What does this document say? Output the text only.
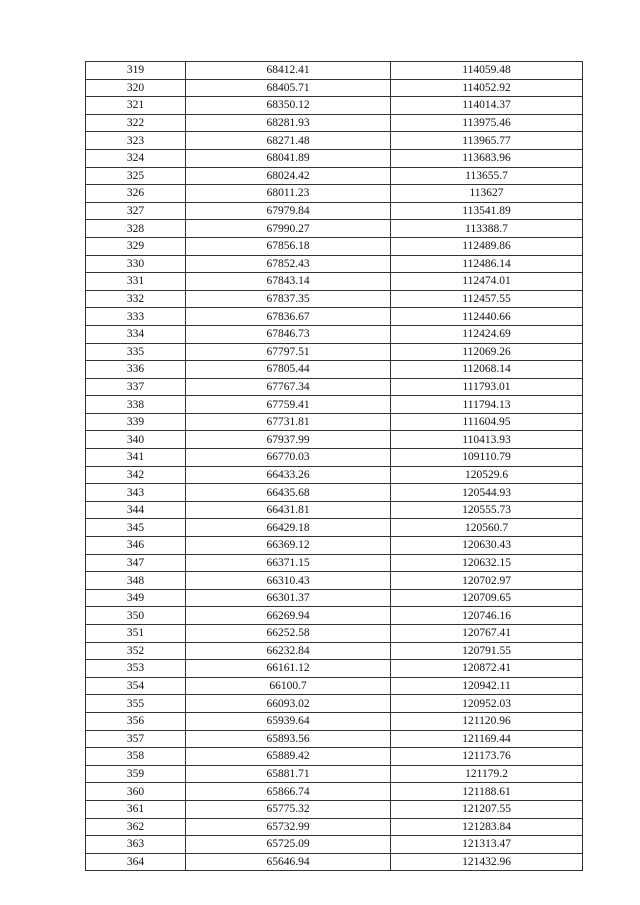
319	68412.41	114059.48
320	68405.71	114052.92
321	68350.12	114014.37
322	68281.93	113975.46
323	68271.48	113965.77
324	68041.89	113683.96
325	68024.42	113655.7
326	68011.23	113627
327	67979.84	113541.89
328	67990.27	113388.7
329	67856.18	112489.86
330	67852.43	112486.14
331	67843.14	112474.01
332	67837.35	112457.55
333	67836.67	112440.66
334	67846.73	112424.69
335	67797.51	112069.26
336	67805.44	112068.14
337	67767.34	111793.01
338	67759.41	111794.13
339	67731.81	111604.95
340	67937.99	110413.93
341	66770.03	109110.79
342	66433.26	120529.6
343	66435.68	120544.93
344	66431.81	120555.73
345	66429.18	120560.7
346	66369.12	120630.43
347	66371.15	120632.15
348	66310.43	120702.97
349	66301.37	120709.65
350	66269.94	120746.16
351	66252.58	120767.41
352	66232.84	120791.55
353	66161.12	120872.41
354	66100.7	120942.11
355	66093.02	120952.03
356	65939.64	121120.96
357	65893.56	121169.44
358	65889.42	121173.76
359	65881.71	121179.2
360	65866.74	121188.61
361	65775.32	121207.55
362	65732.99	121283.84
363	65725.09	121313.47
364	65646.94	121432.96
